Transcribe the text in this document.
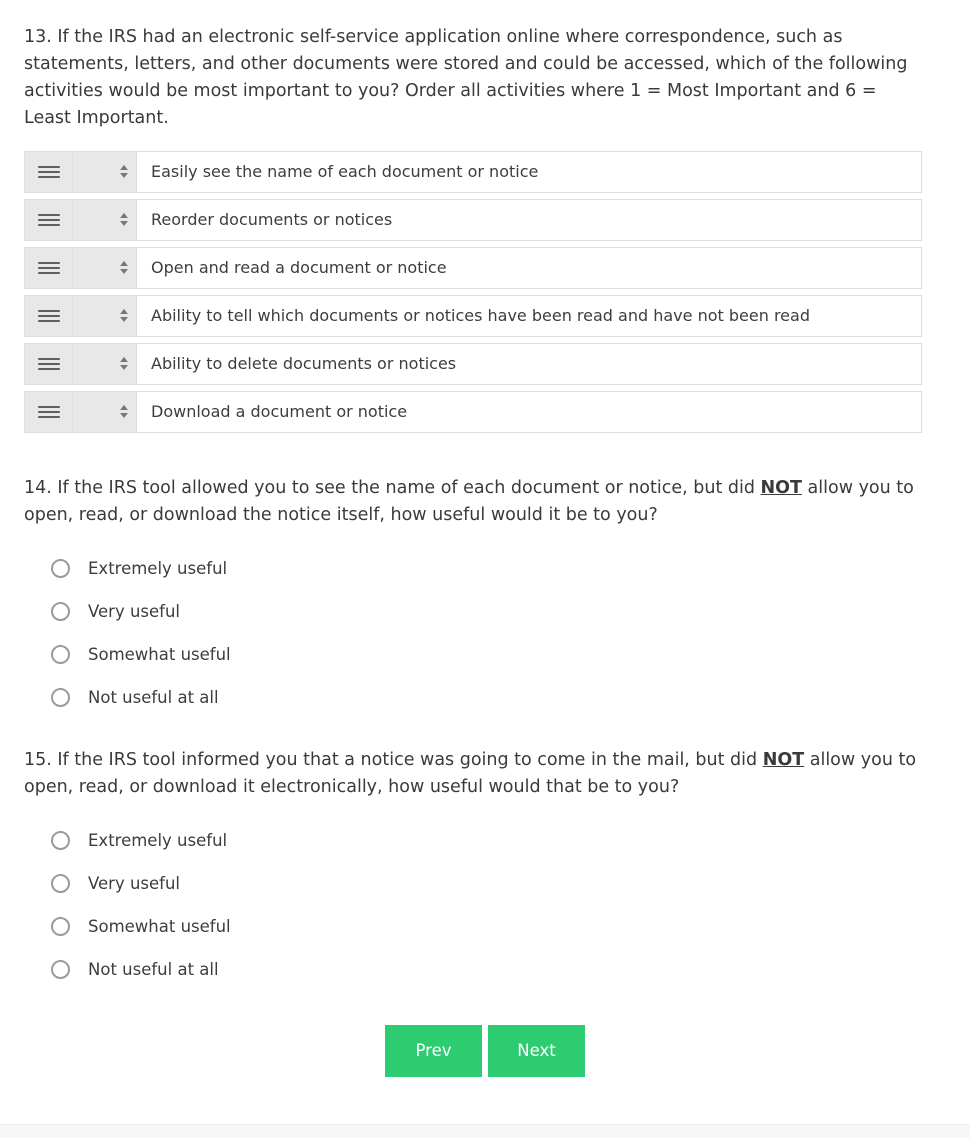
13. If the IRS had an electronic self-service application online where correspondence, such as statements, letters, and other documents were stored and could be accessed, which of the following activities would be most important to you? Order all activities where 1 = Most Important and 6 = Least Important.

Easily see the name of each document or notice
Reorder documents or notices
Open and read a document or notice
Ability to tell which documents or notices have been read and have not been read
Ability to delete documents or notices
Download a document or notice

14. If the IRS tool allowed you to see the name of each document or notice, but did NOT allow you to open, read, or download the notice itself, how useful would it be to you?

Extremely useful
Very useful
Somewhat useful
Not useful at all

15. If the IRS tool informed you that a notice was going to come in the mail, but did NOT allow you to open, read, or download it electronically, how useful would that be to you?

Extremely useful
Very useful
Somewhat useful
Not useful at all
Prev	Next
